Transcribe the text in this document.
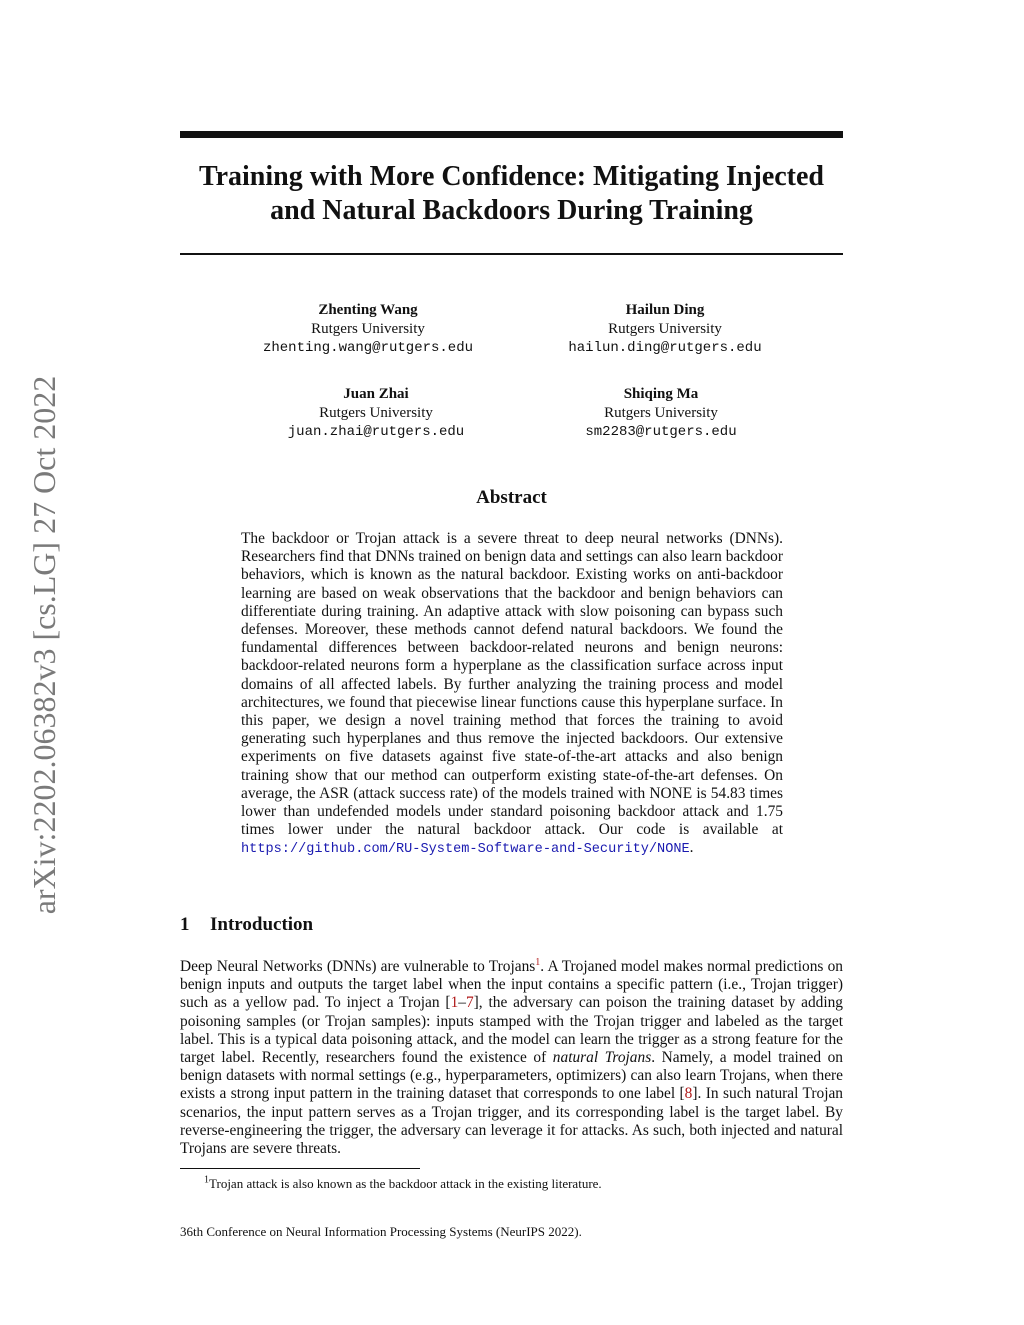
arXiv:2202.06382v3 [cs.LG] 27 Oct 2022
Training with More Confidence: Mitigating Injected and Natural Backdoors During Training
Zhenting Wang
Rutgers University
zhenting.wang@rutgers.edu
Hailun Ding
Rutgers University
hailun.ding@rutgers.edu
Juan Zhai
Rutgers University
juan.zhai@rutgers.edu
Shiqing Ma
Rutgers University
sm2283@rutgers.edu
Abstract

The backdoor or Trojan attack is a severe threat to deep neural networks (DNNs). Researchers find that DNNs trained on benign data and settings can also learn backdoor behaviors, which is known as the natural backdoor. Existing works on anti-backdoor learning are based on weak observations that the backdoor and benign behaviors can differentiate during training. An adaptive attack with slow poisoning can bypass such defenses. Moreover, these methods cannot defend natural backdoors. We found the fundamental differences between backdoor-related neurons and benign neurons: backdoor-related neurons form a hyperplane as the classification surface across input domains of all affected labels. By further analyzing the training process and model architectures, we found that piecewise linear functions cause this hyperplane surface. In this paper, we design a novel training method that forces the training to avoid generating such hyperplanes and thus remove the injected backdoors. Our extensive experiments on five datasets against five state-of-the-art attacks and also benign training show that our method can outperform existing state-of-the-art defenses. On average, the ASR (attack success rate) of the models trained with NONE is 54.83 times lower than undefended models under standard poisoning backdoor attack and 1.75 times lower under the natural backdoor attack. Our code is available at https://github.com/RU-System-Software-and-Security/NONE.

1 Introduction

Deep Neural Networks (DNNs) are vulnerable to Trojans$^1$. A Trojaned model makes normal predictions on benign inputs and outputs the target label when the input contains a specific pattern (i.e., Trojan trigger) such as a yellow pad. To inject a Trojan [1–7], the adversary can poison the training dataset by adding poisoning samples (or Trojan samples): inputs stamped with the Trojan trigger and labeled as the target label. This is a typical data poisoning attack, and the model can learn the trigger as a strong feature for the target label. Recently, researchers found the existence of natural Trojans. Namely, a model trained on benign datasets with normal settings (e.g., hyperparameters, optimizers) can also learn Trojans, when there exists a strong input pattern in the training dataset that corresponds to one label [8]. In such natural Trojan scenarios, the input pattern serves as a Trojan trigger, and its corresponding label is the target label. By reverse-engineering the trigger, the adversary can leverage it for attacks. As such, both injected and natural Trojans are severe threats.

$^1$Trojan attack is also known as the backdoor attack in the existing literature.

36th Conference on Neural Information Processing Systems (NeurIPS 2022).
